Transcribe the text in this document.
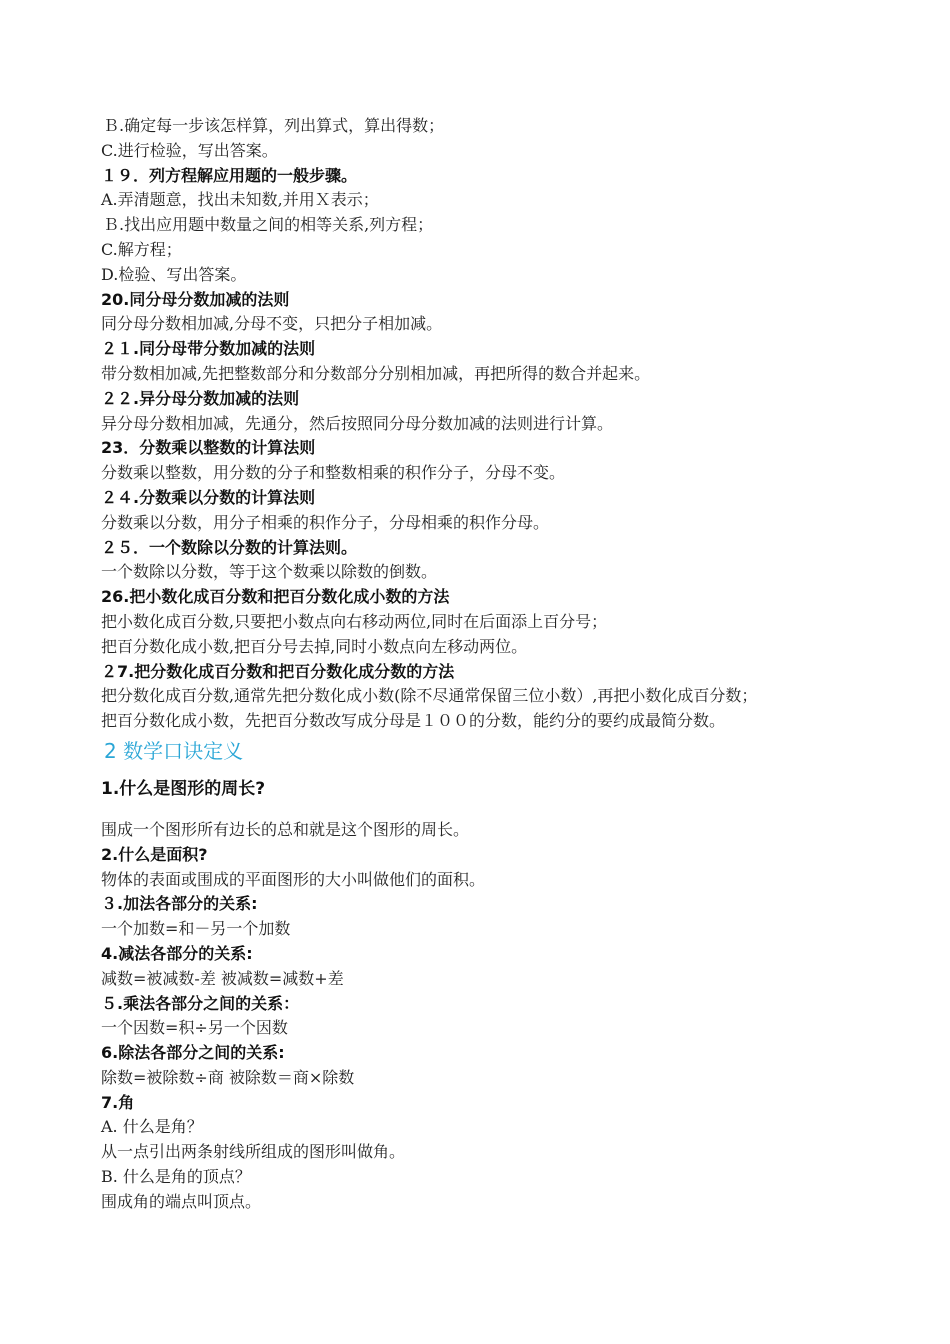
Ｂ.确定每一步该怎样算，列出算式，算出得数；
C.进行检验，写出答案。
１９．列方程解应用题的一般步骤。
A.弄清题意，找出未知数,并用Ｘ表示；
Ｂ.找出应用题中数量之间的相等关系,列方程；
C.解方程；
D.检验、写出答案。
20.同分母分数加减的法则
同分母分数相加减,分母不变，只把分子相加减。
２１.同分母带分数加减的法则
带分数相加减,先把整数部分和分数部分分别相加减，再把所得的数合并起来。
２２.异分母分数加减的法则
异分母分数相加减，先通分，然后按照同分母分数加减的法则进行计算。
23．分数乘以整数的计算法则
分数乘以整数，用分数的分子和整数相乘的积作分子，分母不变。
２４.分数乘以分数的计算法则
分数乘以分数，用分子相乘的积作分子，分母相乘的积作分母。
２５．一个数除以分数的计算法则。
一个数除以分数，等于这个数乘以除数的倒数。
26.把小数化成百分数和把百分数化成小数的方法
把小数化成百分数,只要把小数点向右移动两位,同时在后面添上百分号；
把百分数化成小数,把百分号去掉,同时小数点向左移动两位。
２7.把分数化成百分数和把百分数化成分数的方法
把分数化成百分数,通常先把分数化成小数(除不尽通常保留三位小数）,再把小数化成百分数；
把百分数化成小数，先把百分数改写成分母是１００的分数，能约分的要约成最简分数。
2 数学口诀定义
1.什么是图形的周长?
围成一个图形所有边长的总和就是这个图形的周长。
2.什么是面积?
物体的表面或围成的平面图形的大小叫做他们的面积。
３.加法各部分的关系:
一个加数=和－另一个加数
4.减法各部分的关系:
减数=被减数-差 被减数=减数+差
５.乘法各部分之间的关系：
一个因数=积÷另一个因数
6.除法各部分之间的关系:
除数=被除数÷商 被除数＝商×除数
7.角
A. 什么是角？
从一点引出两条射线所组成的图形叫做角。
B. 什么是角的顶点？
围成角的端点叫顶点。
